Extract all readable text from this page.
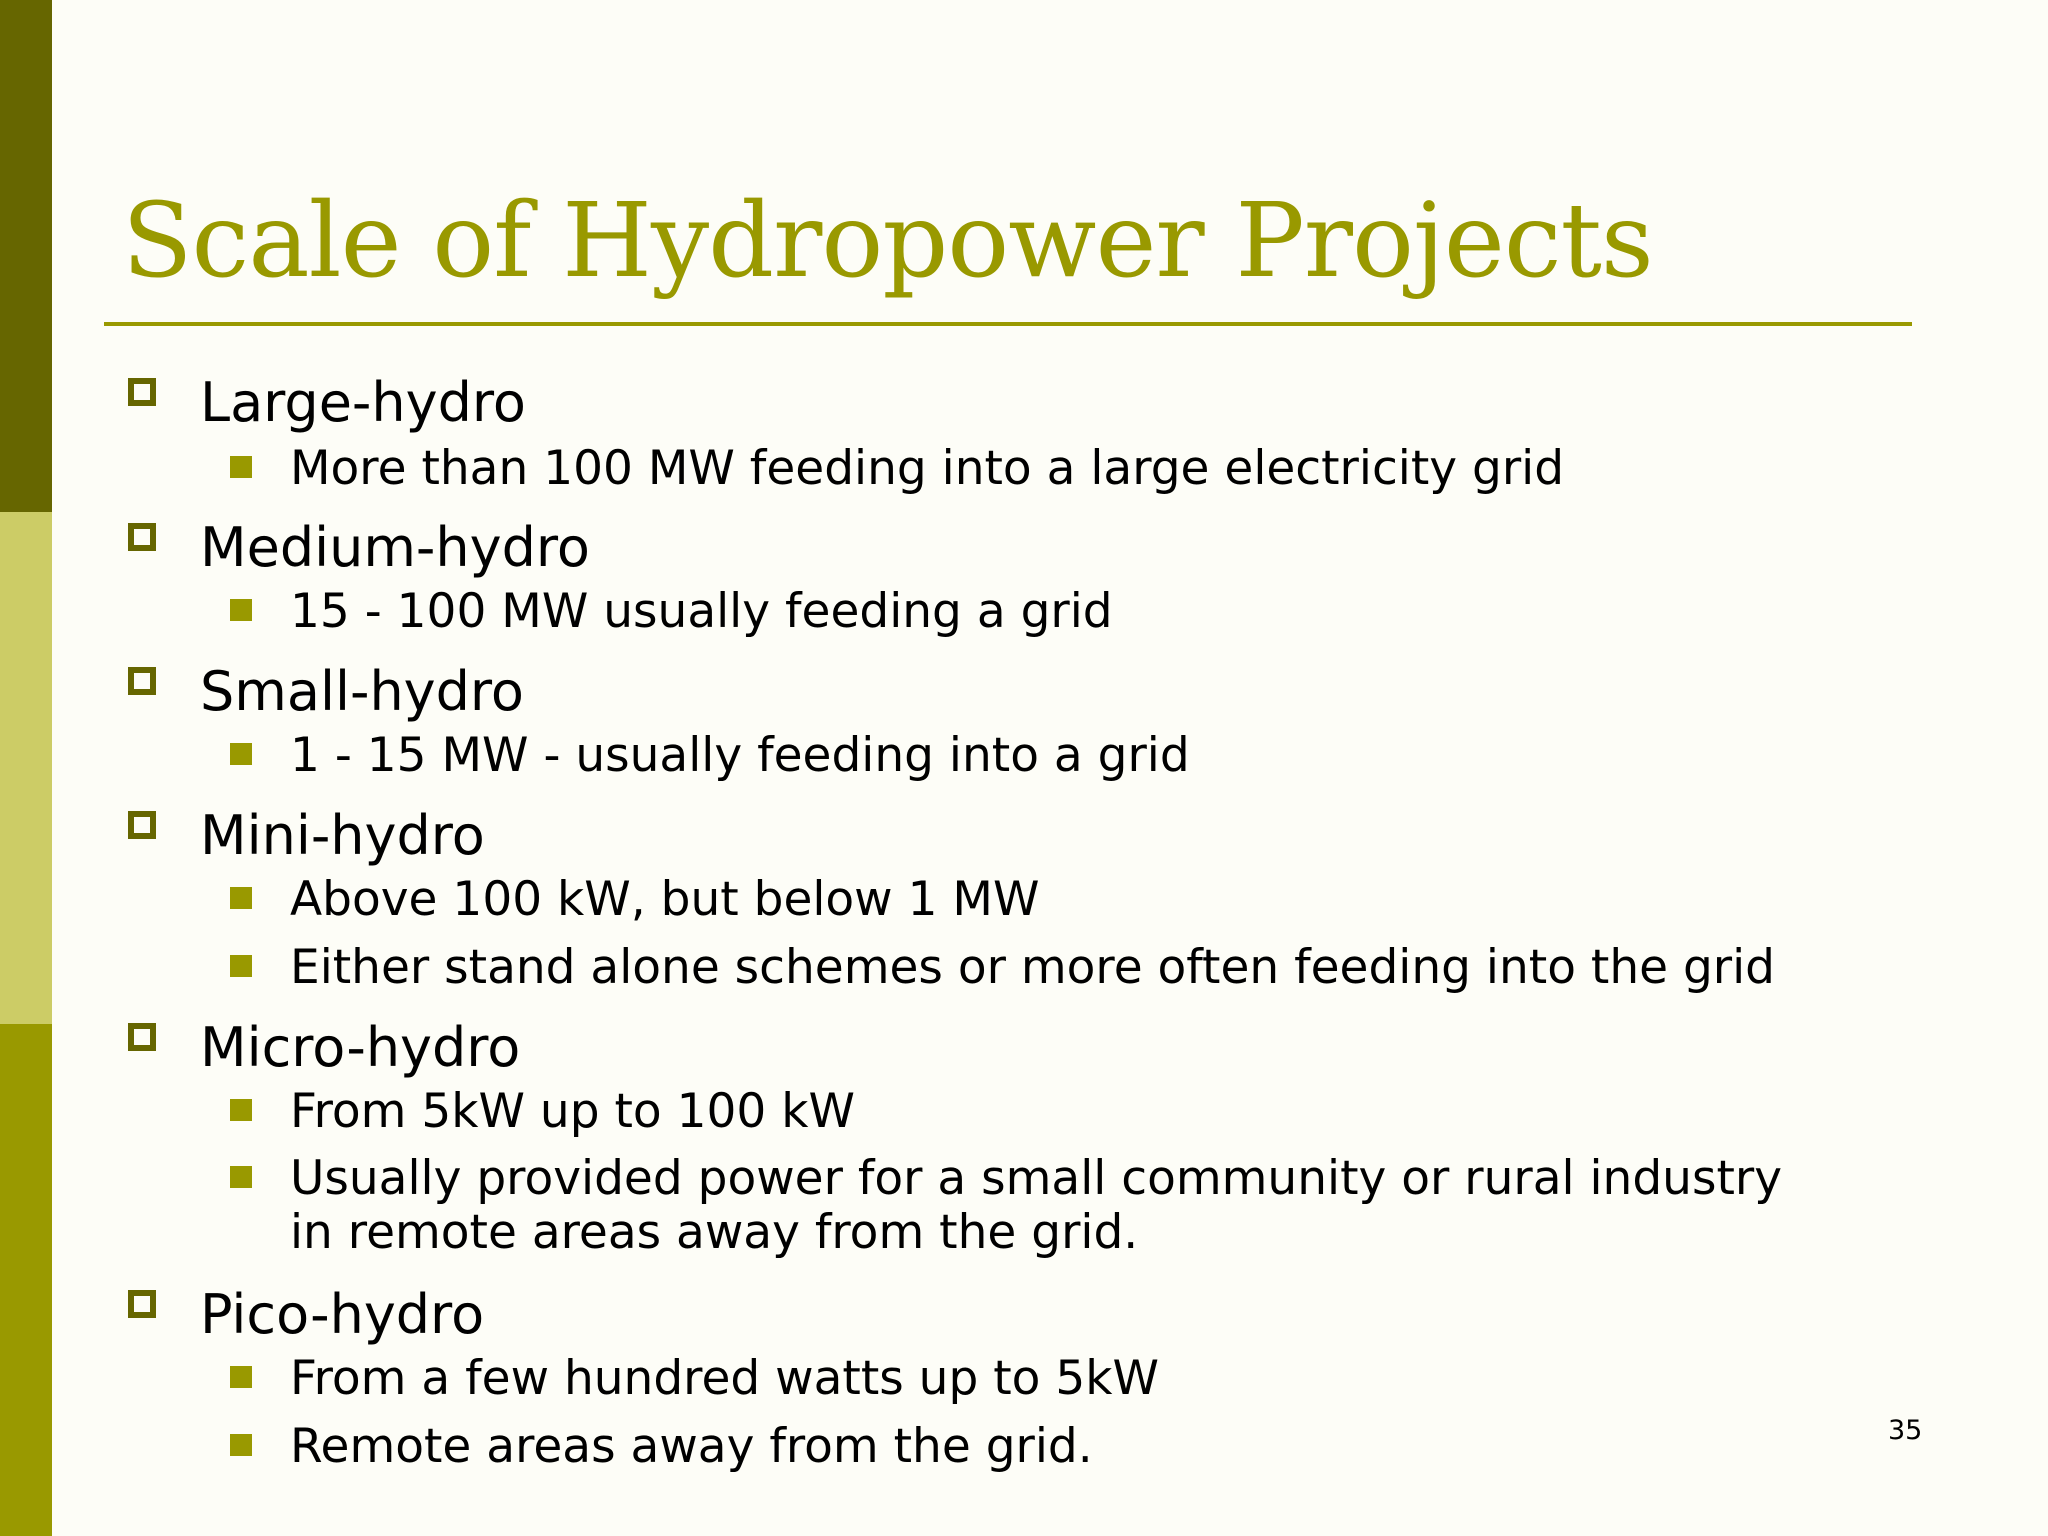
Scale of Hydropower Projects
Large-hydro
More than 100 MW feeding into a large electricity grid
Medium-hydro
15 - 100 MW usually feeding a grid
Small-hydro
1 - 15 MW - usually feeding into a grid
Mini-hydro
Above 100 kW, but below 1 MW
Either stand alone schemes or more often feeding into the grid
Micro-hydro
From 5kW up to 100 kW
Usually provided power for a small community or rural industry
in remote areas away from the grid.
Pico-hydro
From a few hundred watts up to 5kW
Remote areas away from the grid.	35
